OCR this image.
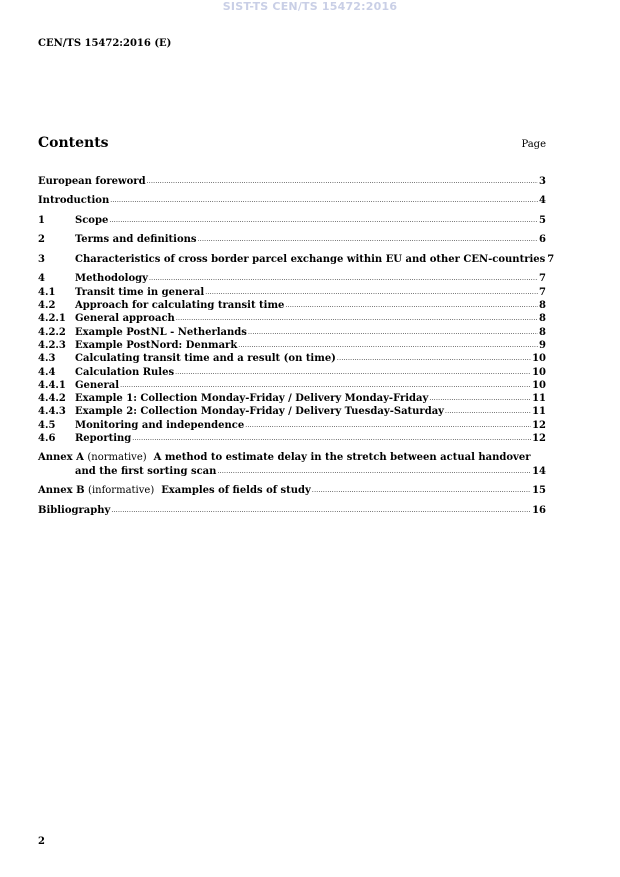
SIST-TS CEN/TS 15472:2016
CEN/TS 15472:2016 (E)
Contents	Page
European foreword .....	3
Introduction .....	4
1	Scope .....	5
2	Terms and definitions .....	6
3	Characteristics of cross border parcel exchange within EU and other CEN-countries 7
4	Methodology .....	7
4.1	Transit time in general .....	7
4.2	Approach for calculating transit time .....	8
4.2.1 General approach .....	8
4.2.2 Example PostNL - Netherlands .....	8
4.2.3 Example PostNord: Denmark .....	9
4.3	Calculating transit time and a result (on time) .....	10
4.4	Calculation Rules .....	10
4.4.1 General .....	10
4.4.2 Example 1: Collection Monday-Friday / Delivery Monday-Friday .....	11
4.4.3 Example 2: Collection Monday-Friday / Delivery Tuesday-Saturday .....	11
4.5	Monitoring and independence .....	12
4.6	Reporting .....	12
Annex A (normative) A method to estimate delay in the stretch between actual handover
and the first sorting scan .....	14
Annex B (informative) Examples of fields of study .....	15
Bibliography .....	16
2
